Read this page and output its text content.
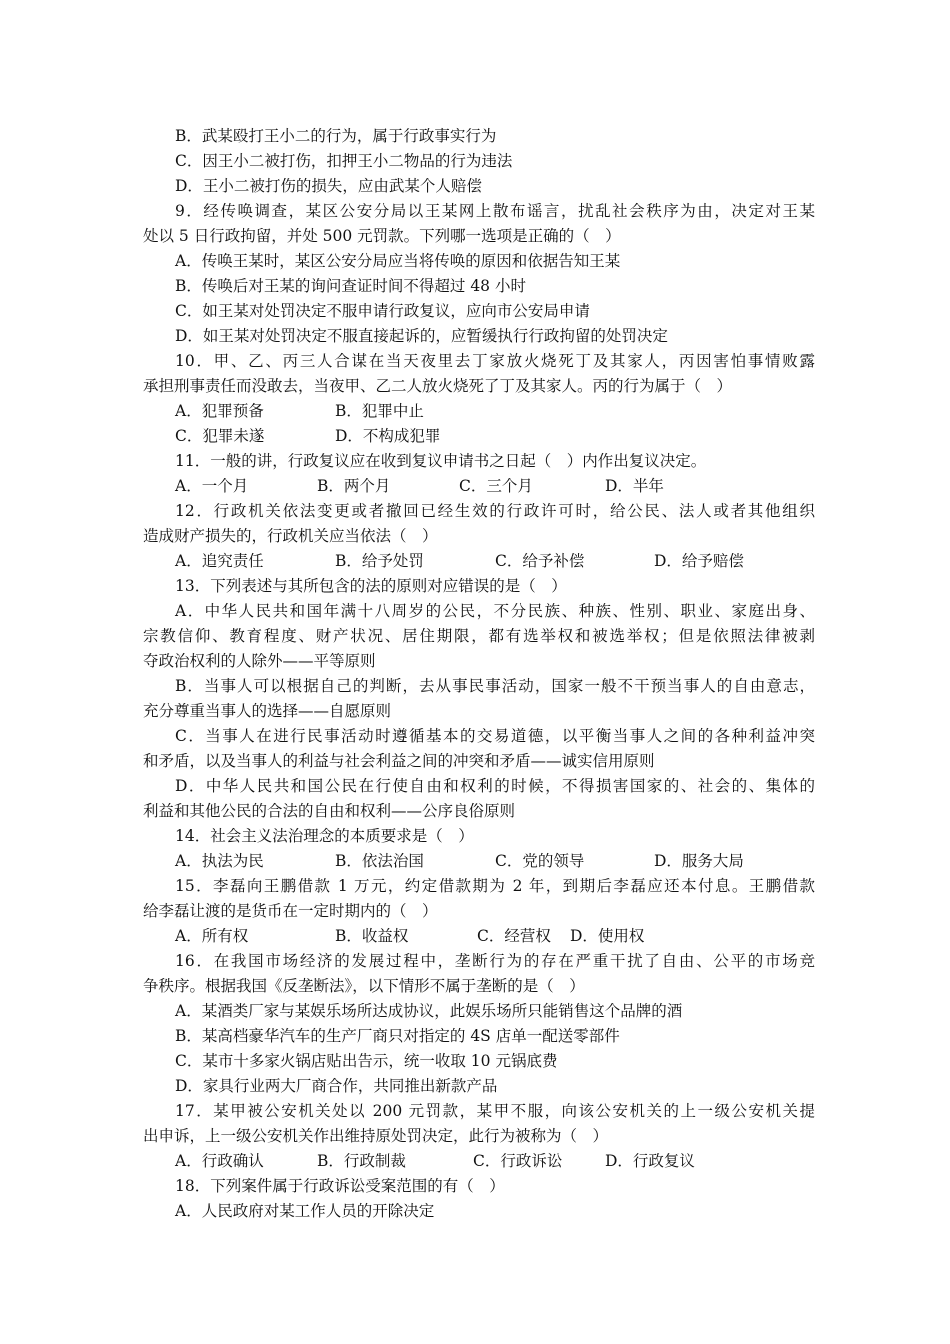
B．武某殴打王小二的行为，属于行政事实行为
C．因王小二被打伤，扣押王小二物品的行为违法
D．王小二被打伤的损失，应由武某个人赔偿
9．经传唤调查，某区公安分局以王某网上散布谣言，扰乱社会秩序为由，决定对王某
处以 5 日行政拘留，并处 500 元罚款。下列哪一选项是正确的（　）
A．传唤王某时，某区公安分局应当将传唤的原因和依据告知王某
B．传唤后对王某的询问查证时间不得超过 48 小时
C．如王某对处罚决定不服申请行政复议，应向市公安局申请
D．如王某对处罚决定不服直接起诉的，应暂缓执行行政拘留的处罚决定
10．甲、乙、丙三人合谋在当天夜里去丁家放火烧死丁及其家人，丙因害怕事情败露
承担刑事责任而没敢去，当夜甲、乙二人放火烧死了丁及其家人。丙的行为属于（　）
A．犯罪预备	B．犯罪中止
C．犯罪未遂	D．不构成犯罪
11．一般的讲，行政复议应在收到复议申请书之日起（　）内作出复议决定。
A．一个月	B．两个月	C．三个月	D．半年
12．行政机关依法变更或者撤回已经生效的行政许可时，给公民、法人或者其他组织
造成财产损失的，行政机关应当依法（　）
A．追究责任	B．给予处罚	C．给予补偿	D．给予赔偿
13．下列表述与其所包含的法的原则对应错误的是（　）
A．中华人民共和国年满十八周岁的公民，不分民族、种族、性别、职业、家庭出身、
宗教信仰、教育程度、财产状况、居住期限，都有选举权和被选举权；但是依照法律被剥
夺政治权利的人除外——平等原则
B．当事人可以根据自己的判断，去从事民事活动，国家一般不干预当事人的自由意志，
充分尊重当事人的选择——自愿原则
C．当事人在进行民事活动时遵循基本的交易道德，以平衡当事人之间的各种利益冲突
和矛盾，以及当事人的利益与社会利益之间的冲突和矛盾——诚实信用原则
D．中华人民共和国公民在行使自由和权利的时候，不得损害国家的、社会的、集体的
利益和其他公民的合法的自由和权利——公序良俗原则
14．社会主义法治理念的本质要求是（　）
A．执法为民	B．依法治国	C．党的领导	D．服务大局
15．李磊向王鹏借款 1 万元，约定借款期为 2 年，到期后李磊应还本付息。王鹏借款
给李磊让渡的是货币在一定时期内的（　）
A．所有权	B．收益权	C．经营权 D．使用权
16．在我国市场经济的发展过程中，垄断行为的存在严重干扰了自由、公平的市场竞
争秩序。根据我国《反垄断法》，以下情形不属于垄断的是（　）
A．某酒类厂家与某娱乐场所达成协议，此娱乐场所只能销售这个品牌的酒
B．某高档豪华汽车的生产厂商只对指定的 4S 店单一配送零部件
C．某市十多家火锅店贴出告示，统一收取 10 元锅底费
D．家具行业两大厂商合作，共同推出新款产品
17．某甲被公安机关处以 200 元罚款，某甲不服，向该公安机关的上一级公安机关提
出申诉，上一级公安机关作出维持原处罚决定，此行为被称为（　）
A．行政确认	B．行政制裁	C．行政诉讼	D．行政复议
18．下列案件属于行政诉讼受案范围的有（　）
A．人民政府对某工作人员的开除决定
